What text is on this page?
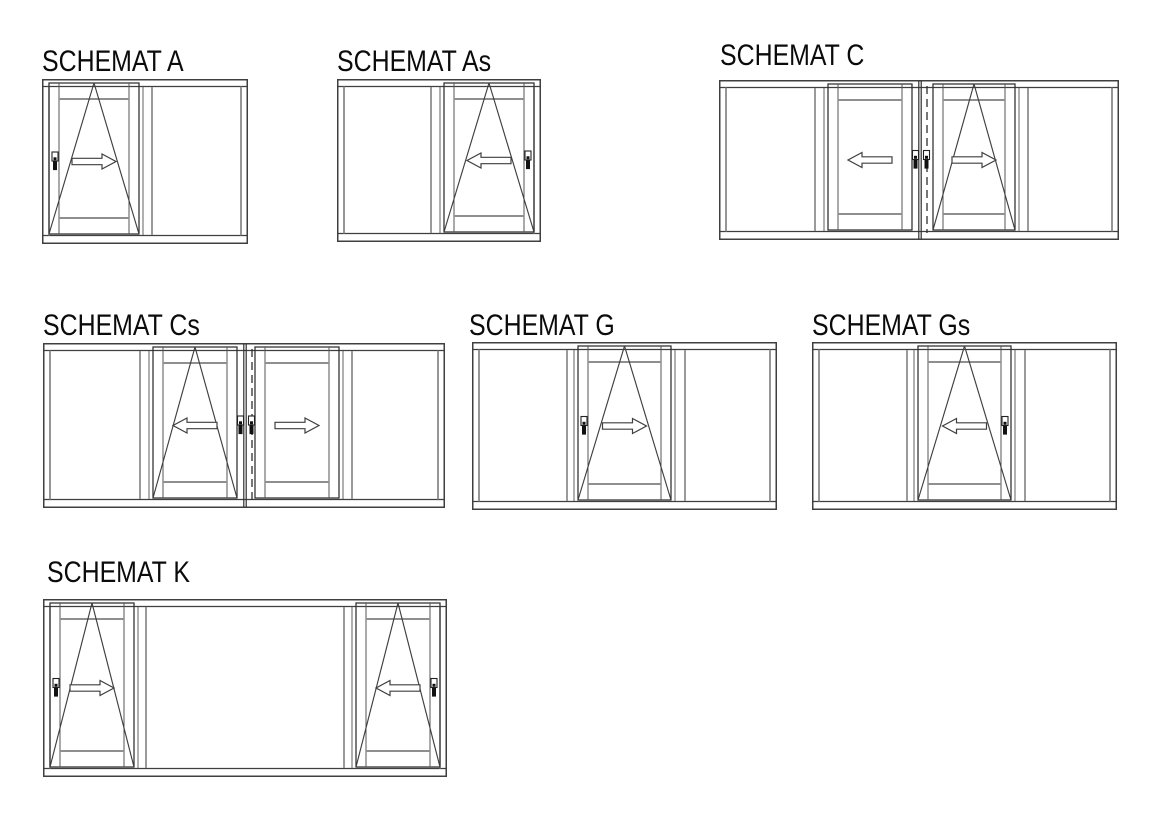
SCHEMAT A	SCHEMAT As	SCHEMAT C
SCHEMAT Cs	SCHEMAT G	SCHEMAT Gs
SCHEMAT K
